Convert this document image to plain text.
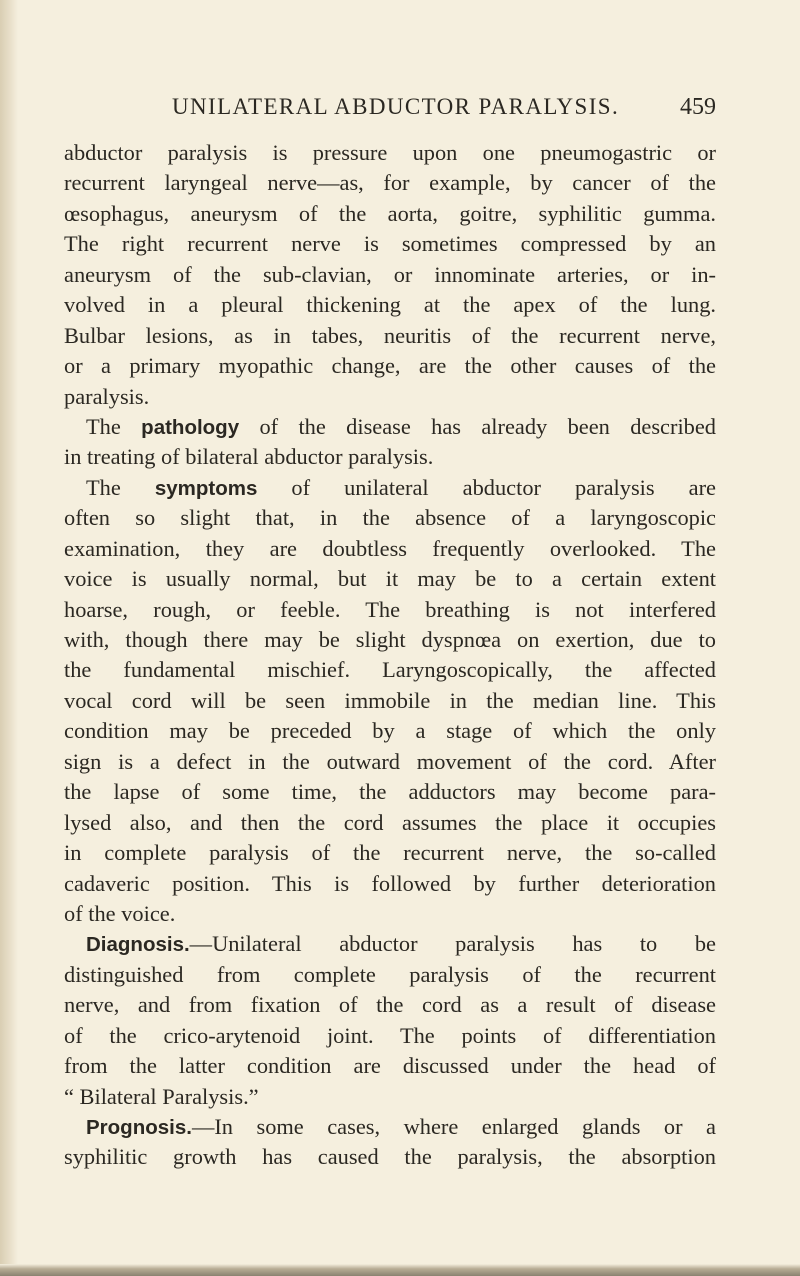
UNILATERAL ABDUCTOR PARALYSIS.	459
abductor paralysis is pressure upon one pneumogastric or
recurrent laryngeal nerve—as, for example, by cancer of the
œsophagus, aneurysm of the aorta, goitre, syphilitic gumma.
The right recurrent nerve is sometimes compressed by an
aneurysm of the sub-clavian, or innominate arteries, or in-
volved in a pleural thickening at the apex of the lung.
Bulbar lesions, as in tabes, neuritis of the recurrent nerve,
or a primary myopathic change, are the other causes of the
paralysis.
The pathology of the disease has already been described
in treating of bilateral abductor paralysis.
The symptoms of unilateral abductor paralysis are
often so slight that, in the absence of a laryngoscopic
examination, they are doubtless frequently overlooked. The
voice is usually normal, but it may be to a certain extent
hoarse, rough, or feeble. The breathing is not interfered
with, though there may be slight dyspnœa on exertion, due to
the fundamental mischief. Laryngoscopically, the affected
vocal cord will be seen immobile in the median line. This
condition may be preceded by a stage of which the only
sign is a defect in the outward movement of the cord. After
the lapse of some time, the adductors may become para-
lysed also, and then the cord assumes the place it occupies
in complete paralysis of the recurrent nerve, the so-called
cadaveric position. This is followed by further deterioration
of the voice.
Diagnosis.—Unilateral abductor paralysis has to be
distinguished from complete paralysis of the recurrent
nerve, and from fixation of the cord as a result of disease
of the crico-arytenoid joint. The points of differentiation
from the latter condition are discussed under the head of
“ Bilateral Paralysis.”
Prognosis.—In some cases, where enlarged glands or a
syphilitic growth has caused the paralysis, the absorption
